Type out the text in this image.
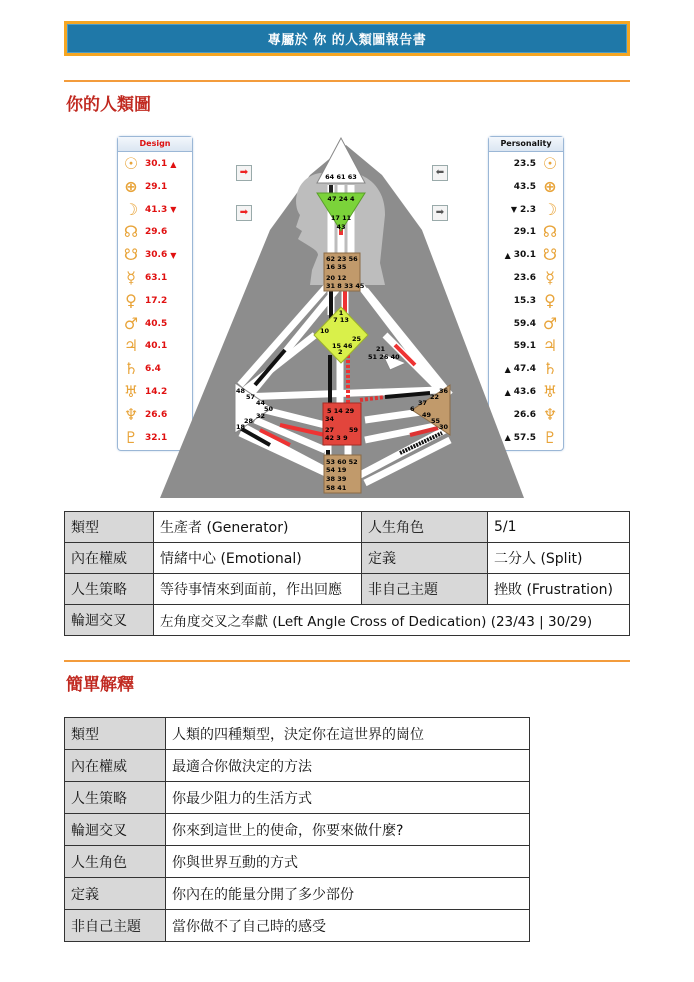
專屬於 你 的人類圖報告書
你的人類圖
Design
☉ 30.1 ▲
⊕ 29.1
☽ 41.3 ▼
☊ 29.6
☋ 30.6 ▼
☿	63.1
♀ 17.2
♂ 40.5
♃ 40.1
♄ 6.4
♅ 14.2
♆ 26.6
♇ 32.1
Personality
23.5 ☉
43.5 ⊕
▼ 2.3 ☽
29.1 ☊
▲ 30.1 ☋
23.6 ☿
15.3 ♀
59.4 ♂
59.1 ♃
▲ 47.4 ♄
▲ 43.6 ♅
26.6 ♆
▲ 57.5 ♇
➡
➡
⬅
➡
64 61 63
47 24 4
17 11
43
62 23 56
16 35
20 12
31 8 33 45
1
7 13
10
25
15 46
2	21
51 26 40
48
57
44
50
32
28
18
36
22
37
6
49
55
30
5 14 29
34
27
42 3 9
59
53 60 52
54 19
38 39
58 41
類型	生產者 (Generator)	人生角色	5/1
內在權威	情緒中心 (Emotional)	定義	二分人 (Split)
人生策略	等待事情來到面前，作出回應	非自己主題	挫敗 (Frustration)
輪迴交叉	左角度交叉之奉獻 (Left Angle Cross of Dedication) (23/43 | 30/29)		
簡單解釋
類型	人類的四種類型，決定你在這世界的崗位
內在權威	最適合你做決定的方法
人生策略	你最少阻力的生活方式
輪迴交叉	你來到這世上的使命，你要來做什麼?
人生角色	你與世界互動的方式
定義	你內在的能量分開了多少部份
非自己主題	當你做不了自己時的感受
